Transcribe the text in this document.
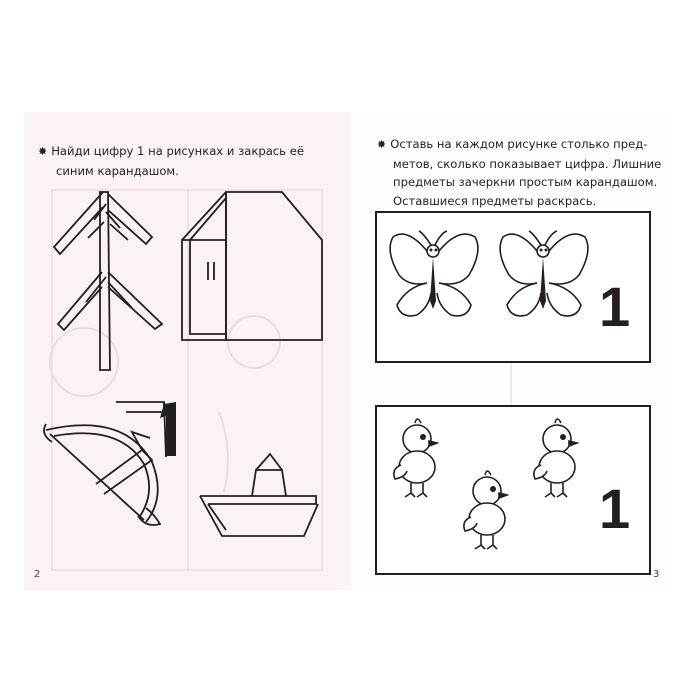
✸ Найди цифру 1 на рисунках и закрась её
синим карандашом.
2
✸ Оставь на каждом рисунке столько пред-
метов, сколько показывает цифра. Лишние
предметы зачеркни простым карандашом.
Оставшиеся предметы раскрась.
1
1
3
